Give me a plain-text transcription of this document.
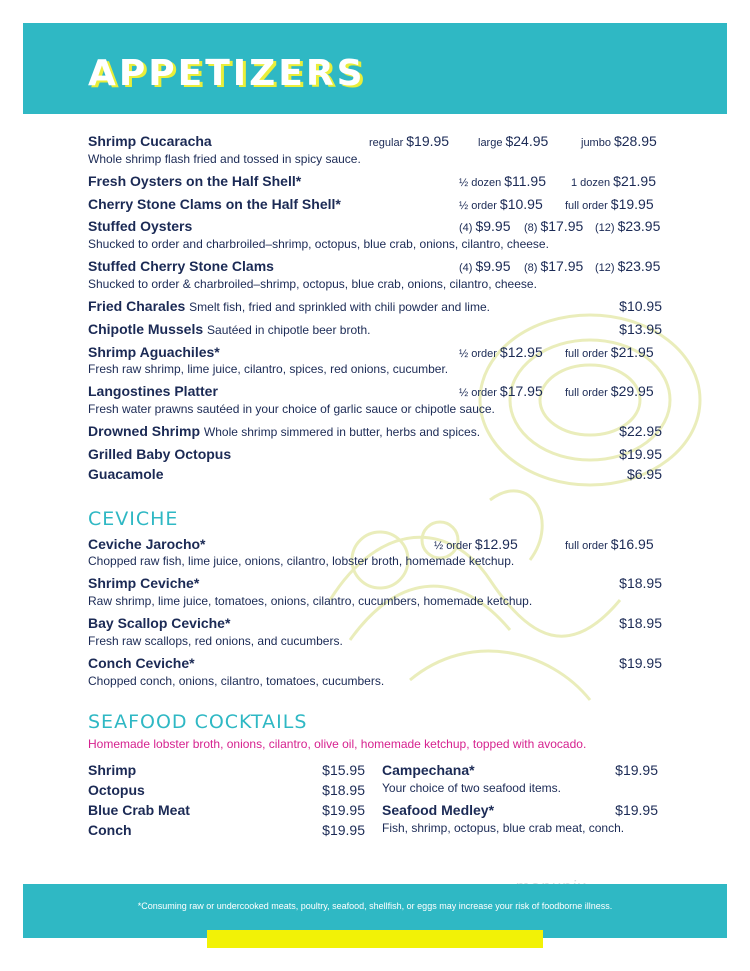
APPETIZERS
Shrimp Cucaracha	regular $19.95	large $24.95	jumbo $28.95
Whole shrimp flash fried and tossed in spicy sauce.
Fresh Oysters on the Half Shell*	½ dozen $11.95 1 dozen $21.95
Cherry Stone Clams on the Half Shell*	½ order $10.95 full order $19.95
Stuffed Oysters	(4) $9.95 (8) $17.95 (12) $23.95
Shucked to order and charbroiled–shrimp, octopus, blue crab, onions, cilantro, cheese.
Stuffed Cherry Stone Clams	(4) $9.95 (8) $17.95 (12) $23.95
Shucked to order & charbroiled–shrimp, octopus, blue crab, onions, cilantro, cheese.
Fried Charales Smelt fish, fried and sprinkled with chili powder and lime.	$10.95
Chipotle Mussels Sautéed in chipotle beer broth.	$13.95
Shrimp Aguachiles*	½ order $12.95 full order $21.95
Fresh raw shrimp, lime juice, cilantro, spices, red onions, cucumber.
Langostines Platter	½ order $17.95 full order $29.95
Fresh water prawns sautéed in your choice of garlic sauce or chipotle sauce.
Drowned Shrimp Whole shrimp simmered in butter, herbs and spices.	$22.95
Grilled Baby Octopus	$19.95
Guacamole	$6.95
CEVICHE
Ceviche Jarocho*	½ order $12.95	full order $16.95
Chopped raw fish, lime juice, onions, cilantro, lobster broth, homemade ketchup.
Shrimp Ceviche*	$18.95
Raw shrimp, lime juice, tomatoes, onions, cilantro, cucumbers, homemade ketchup.
Bay Scallop Ceviche*	$18.95
Fresh raw scallops, red onions, and cucumbers.
Conch Ceviche*	$19.95
Chopped conch, onions, cilantro, tomatoes, cucumbers.
SEAFOOD COCKTAILS
Homemade lobster broth, onions, cilantro, olive oil, homemade ketchup, topped with avocado.
Shrimp	$15.95
Octopus	$18.95
Blue Crab Meat	$19.95
Conch	$19.95
Campechana*	$19.95
Your choice of two seafood items.
Seafood Medley*	$19.95
Fish, shrimp, octopus, blue crab meat, conch.

*Consuming raw or undercooked meats, poultry, seafood, shellfish, or eggs may increase your risk of foodborne illness.
